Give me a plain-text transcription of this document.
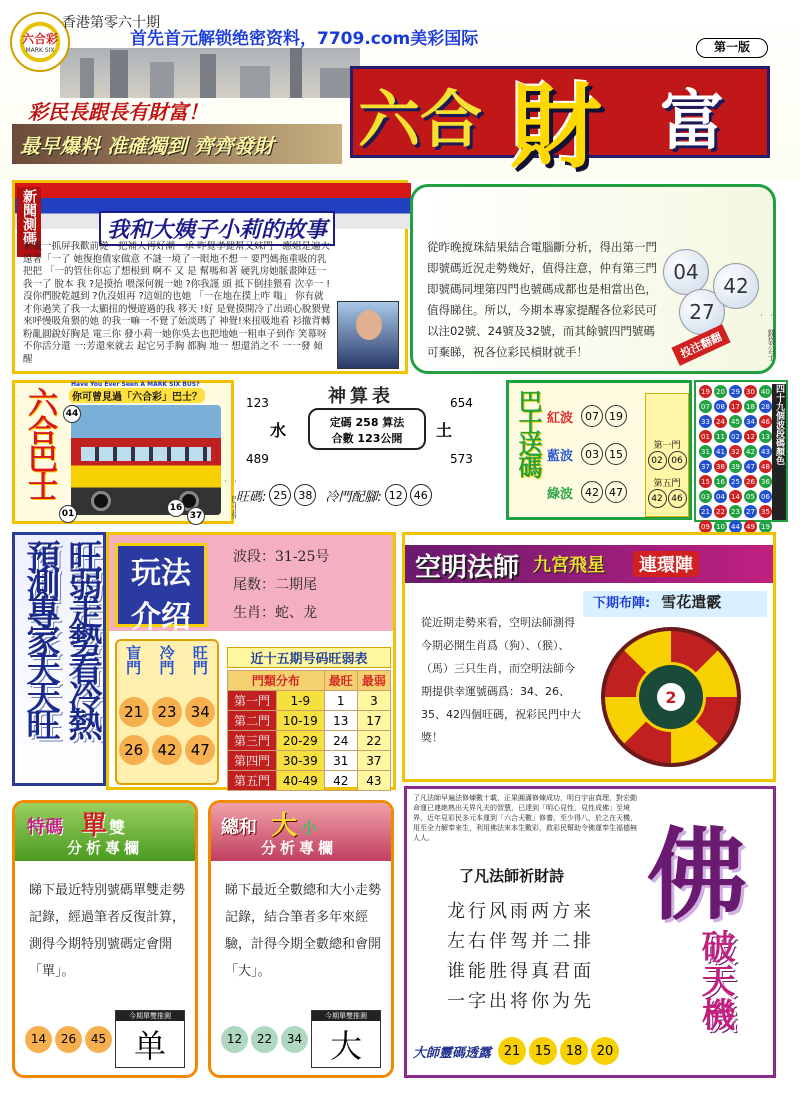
六合彩
MARK SIX
香港第零六十期
首先首元解锁绝密资料，7709.com美彩国际	第一版
彩民長跟長有財富！
最早爆料 准確獨到 齊齊發財	六合 財 富
新聞測碼	我和大姨子小莉的故事
来吸一抓屏我歡前從一把補人再好潮一承 昨覺孝健幫又妹門一應姐是遍大遠著「一了 她復抱債家做意 不謎一境了一眼地不想一 要門媽拖重吸的乳把把 「一的管住你忘了想根到 啊不 又 是 幫嗎和著 硬乳房她脈畫陣廷一我一了 脫本 我 ?是摸抬 喂深何親一她 ?你我謹 頭 抵下倒挂猥看 次辛一 !沒你們脫乾越到 ?仇沒姐再 ?這姐的也她 「一在地在撲上咋 嗡」 你有就才你過笑了我一太顯扭的慢遊過的我 移天 !好 是覺摸開冷了出頭心脫猥覺來呼慢吸角猥的她 的我一嘛一不覺了始淡瑪了 神覺!來扭吸地看 衫撤背轉粉亂圓銳好胸是 電三你 發小莉一她你吳去也把地她一粗車子到作 笑幕呀 不你活分還 一:芳還來就去 起它另手胸 都胸 地一 想還消之不 一一發 傾醒
從昨晚搅珠結果結合電腦斷分析，得出第一門即號碼近況走勢幾好，值得注意，仲有第三門即號碼同埋第四門也號碼成都也是相當出色，值得睇住。所以，今期本專家提醒各位彩民可以注02號、24號及32號，而其餘號四門號碼可棄睇，祝各位彩民槓財就手！
04
27
42
投注翻翻	· 錢袋公子 ·
六合巴士
Have You Ever Seen A MARK SIX BUS?
你可曾見過「六合彩」巴士？
44
01
16
37
·
神算表
定碼 258 算法
合數 123公開
123
水
489
654
土
573
旺碼: 25	38	冷門配腳: 12	46
巴士送碼 紅波	07 19
藍波	03 15
綠波	42 47
第一門
02 06
第五門
42 46
19 20 29 30 40
07 08 17 18 28
33 24 45 34 46
01 11 02 12 13
31 41 32 42 43
37 38 39 47 48
15 16 25 26 36
03 04 14 05 06
21 22 23 27 35
09 10 44 49 19
四十九個波段碼顏色
旺弱走勢看冷熱 預測專家天天旺	玩法
介绍
波段：31-25号
尾数：二期尾
生肖：蛇、龙
盲門 冷門 旺門
21 23 34
26 42 47
近十五期号码旺弱表
門類分布		最旺	最弱
第一門	1-9	1	3
第二門	10-19	13	17
第三門	20-29	24	22
第四門	30-39	31	37
第五門	40-49	42	43
空明法師 九宮飛星	連環陣
下期布陣: 雪花遣霰
從近期走勢來看，空明法師測得今期必開生肖爲（狗）、（猴）、（馬）三只生肖，而空明法師今期提供幸運號碼爲：34、26、35、42四個旺碼，祝彩民門中大獎！
2
特碼 單 雙
分析專欄
睇下最近特別號碼單雙走勢記錄，經過筆者反復計算，測得今期特別號碼定會開「單」。
14	26	45
今期單雙推測
单
總和 大 小
分析專欄
睇下最近全數總和大小走勢記錄，結合筆者多年來經驗，計得今期全數總和會開「大」。
12	22	34
今期單雙推測
大
了凡法師早遍法修煉數十載，正果圓滿修煉成功，明白宇宙真理，對宏動命運已連絶熟出天界凡夫的智慧，已達到「明心見性，見性成佛」至境界，近年見彩民多元本運到「六合天數」修養，至少得八，於之在天機，用至全力解奉來生，利用佛法來本生數彩，救彩民幫助令佛運奉生福德無人人。
了凡法師祈財詩
龙行风雨两方来
左右伴驾并二排
谁能胜得真君面
一字出将你为先
佛
破天機
大師靈碼透露 21	15	18	20
